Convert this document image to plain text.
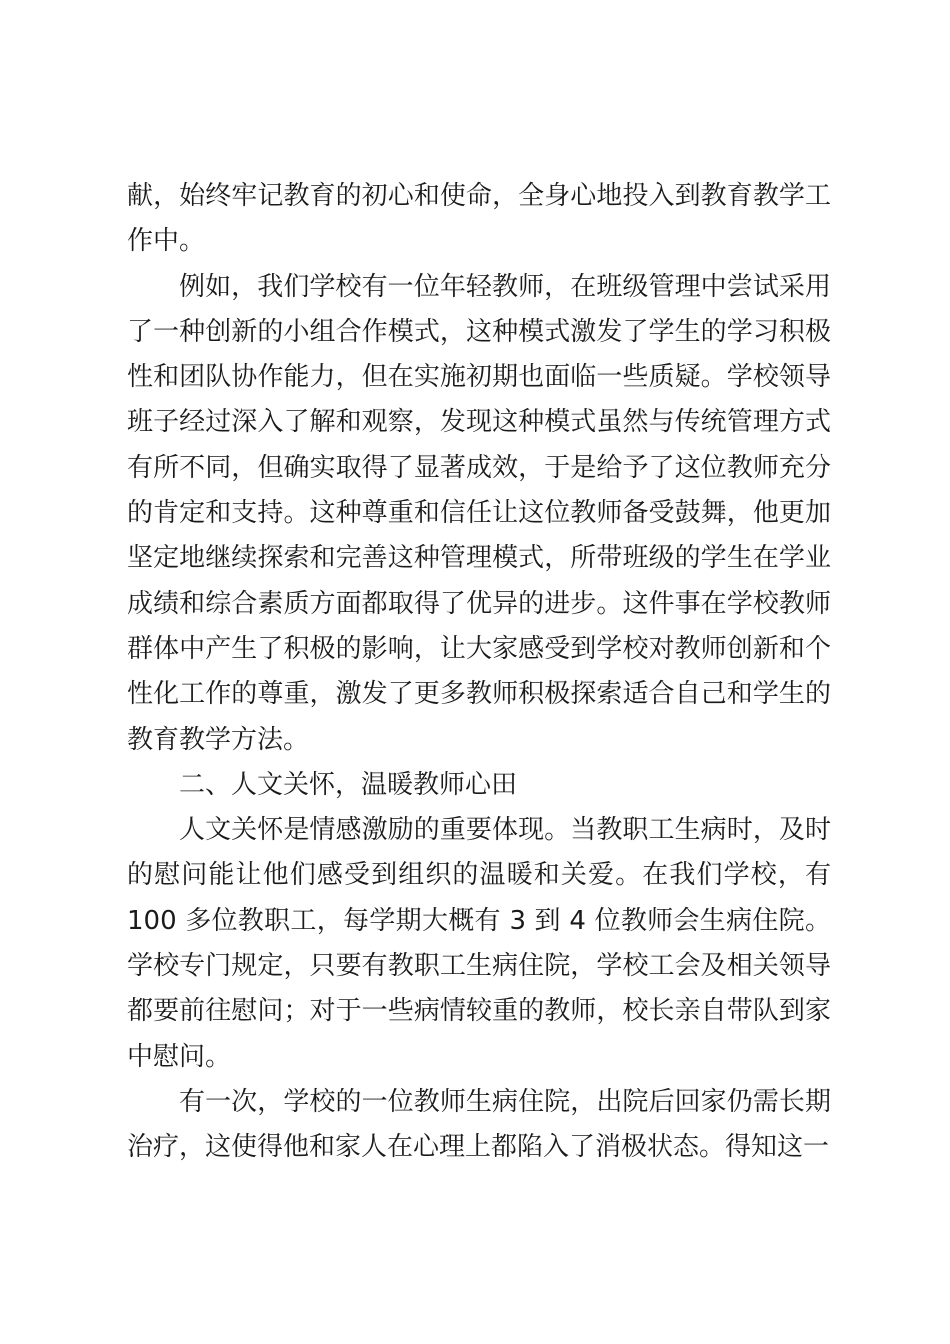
献，始终牢记教育的初心和使命，全身心地投入到教育教学工作中。

例如，我们学校有一位年轻教师，在班级管理中尝试采用了一种创新的小组合作模式，这种模式激发了学生的学习积极性和团队协作能力，但在实施初期也面临一些质疑。学校领导班子经过深入了解和观察，发现这种模式虽然与传统管理方式有所不同，但确实取得了显著成效，于是给予了这位教师充分的肯定和支持。这种尊重和信任让这位教师备受鼓舞，他更加坚定地继续探索和完善这种管理模式，所带班级的学生在学业成绩和综合素质方面都取得了优异的进步。这件事在学校教师群体中产生了积极的影响，让大家感受到学校对教师创新和个性化工作的尊重，激发了更多教师积极探索适合自己和学生的教育教学方法。

二、人文关怀，温暖教师心田

人文关怀是情感激励的重要体现。当教职工生病时，及时的慰问能让他们感受到组织的温暖和关爱。在我们学校，有 100 多位教职工，每学期大概有 3 到 4 位教师会生病住院。学校专门规定，只要有教职工生病住院，学校工会及相关领导都要前往慰问；对于一些病情较重的教师，校长亲自带队到家中慰问。

有一次，学校的一位教师生病住院，出院后回家仍需长期治疗，这使得他和家人在心理上都陷入了消极状态。得知这一
